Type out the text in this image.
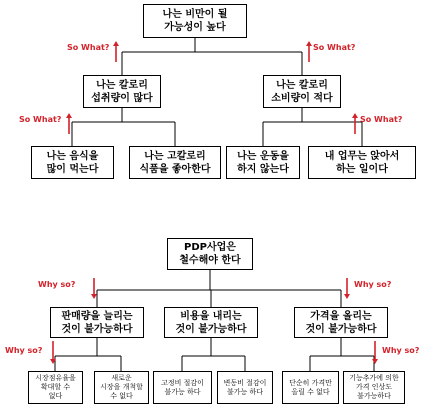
나는 비만이 될
가능성이 높다
나는 칼로리
섭취량이 많다
나는 칼로리
소비량이 적다
나는 음식을
많이 먹는다
나는 고칼로리
식품을 좋아한다
나는 운동을
하지 않는다
내 업무는 앉아서
하는 일이다
So What?	So What?
So What?	So What?
PDP사업은
철수해야 한다
판매량을 늘리는
것이 불가능하다
비용을 내리는
것이 불가능하다
가격을 올리는
것이 불가능하다
시장점유율을
확대할 수
없다
새로운
시장을 개척할
수 없다
고정비 절감이
불가능 하다
변동비 절감이
불가능 하다
단순히 가격만
올릴 수 없다
기능추가에 의한
가격 인상도
불가능하다
Why so?	Why so?
Why so?	Why so?
